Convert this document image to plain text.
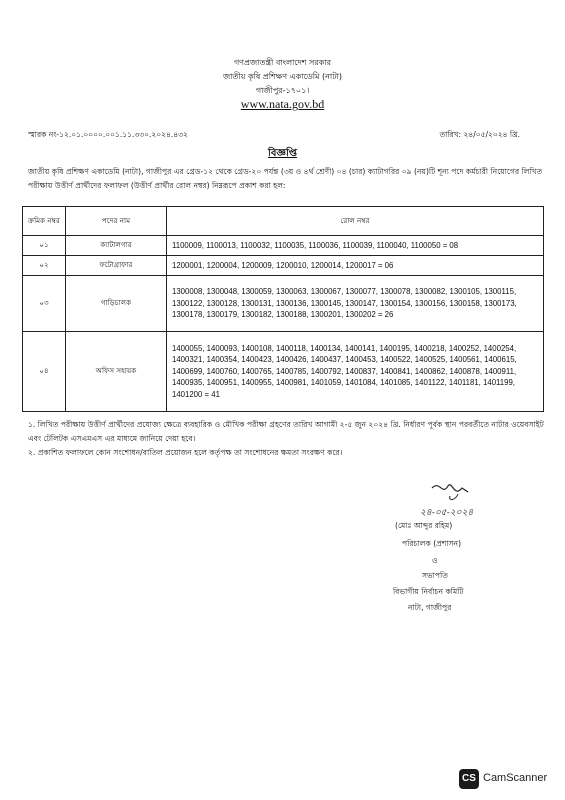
গণপ্রজাতন্ত্রী বাংলাদেশ সরকার
জাতীয় কৃষি প্রশিক্ষণ একাডেমি (নাটা)
গাজীপুর-১৭০১।
www.nata.gov.bd
স্মারক নং-১২.০১.০০০০.০০১.১১.৩৩০.২০২৪.৪৩২	তারিখ: ২৪/০৫/২০২৪ খ্রি.
বিজ্ঞপ্তি
জাতীয় কৃষি প্রশিক্ষণ একাডেমি (নাটা), গাজীপুর এর গ্রেড-১২ থেকে গ্রেড-২০ পর্যন্ত (৩য় ও ৪র্থ শ্রেণী) ০৪ (চার) ক্যাটাগরির ০৯ (নয়)টি শূন্য পদে কর্মচারী নিয়োগের লিখিত পরীক্ষায় উত্তীর্ণ প্রার্থীদের ফলাফল (উত্তীর্ণ প্রার্থীর রোল নম্বর) নিম্নরূপে প্রকাশ করা হল:
ক্রমিক নম্বর	পদের নাম	রোল নম্বর
০১	ক্যাটালগার	1100009, 1100013, 1100032, 1100035, 1100036, 1100039, 1100040, 1100050 = 08
০২	ফটোগ্রাফার	1200001, 1200004, 1200009, 1200010, 1200014, 1200017 = 06
০৩	গাড়িচালক	1300008, 1300048, 1300059, 1300063, 1300067, 1300077, 1300078, 1300082, 1300105, 1300115, 1300122, 1300128, 1300131, 1300136, 1300145, 1300147, 1300154, 1300156, 1300158, 1300173, 1300178, 1300179, 1300182, 1300188, 1300201, 1300202 = 26
০৪	অফিস সহায়ক	1400055, 1400093, 1400108, 1400118, 1400134, 1400141, 1400195, 1400218, 1400252, 1400254, 1400321, 1400354, 1400423, 1400426, 1400437, 1400453, 1400522, 1400525, 1400561, 1400615, 1400699, 1400760, 1400765, 1400785, 1400792, 1400837, 1400841, 1400862, 1400878, 1400911, 1400935, 1400951, 1400955, 1400981, 1401059, 1401084, 1401085, 1401122, 1401181, 1401199, 1401200 = 41

১. লিখিত পরীক্ষায় উত্তীর্ণ প্রার্থীদের প্রযোজ্য ক্ষেত্রে ব্যবহারিক ও মৌখিক পরীক্ষা গ্রহণের তারিখ আগামী ২-৫ জুন ২০২৪ খ্রি. নির্ধারণ পূর্বক স্থান পরবর্তীতে নাটার ওয়েবসাইট এবং টেলিটক এসএমএস এর মাধ্যমে জানিয়ে দেয়া হবে।

২. প্রকাশিত ফলাফলে কোন সংশোধন/বাতিল প্রয়োজন হলে কর্তৃপক্ষ তা সংশোধনের ক্ষমতা সংরক্ষণ করে।

২৪-০৫-২০২৪
(মোঃ আব্দুর রহিম)
পরিচালক (প্রশাসন)
ও
সভাপতি
বিভাগীয় নির্বাচন কমিটি
নাটা, গাজীপুর
CS CamScanner
